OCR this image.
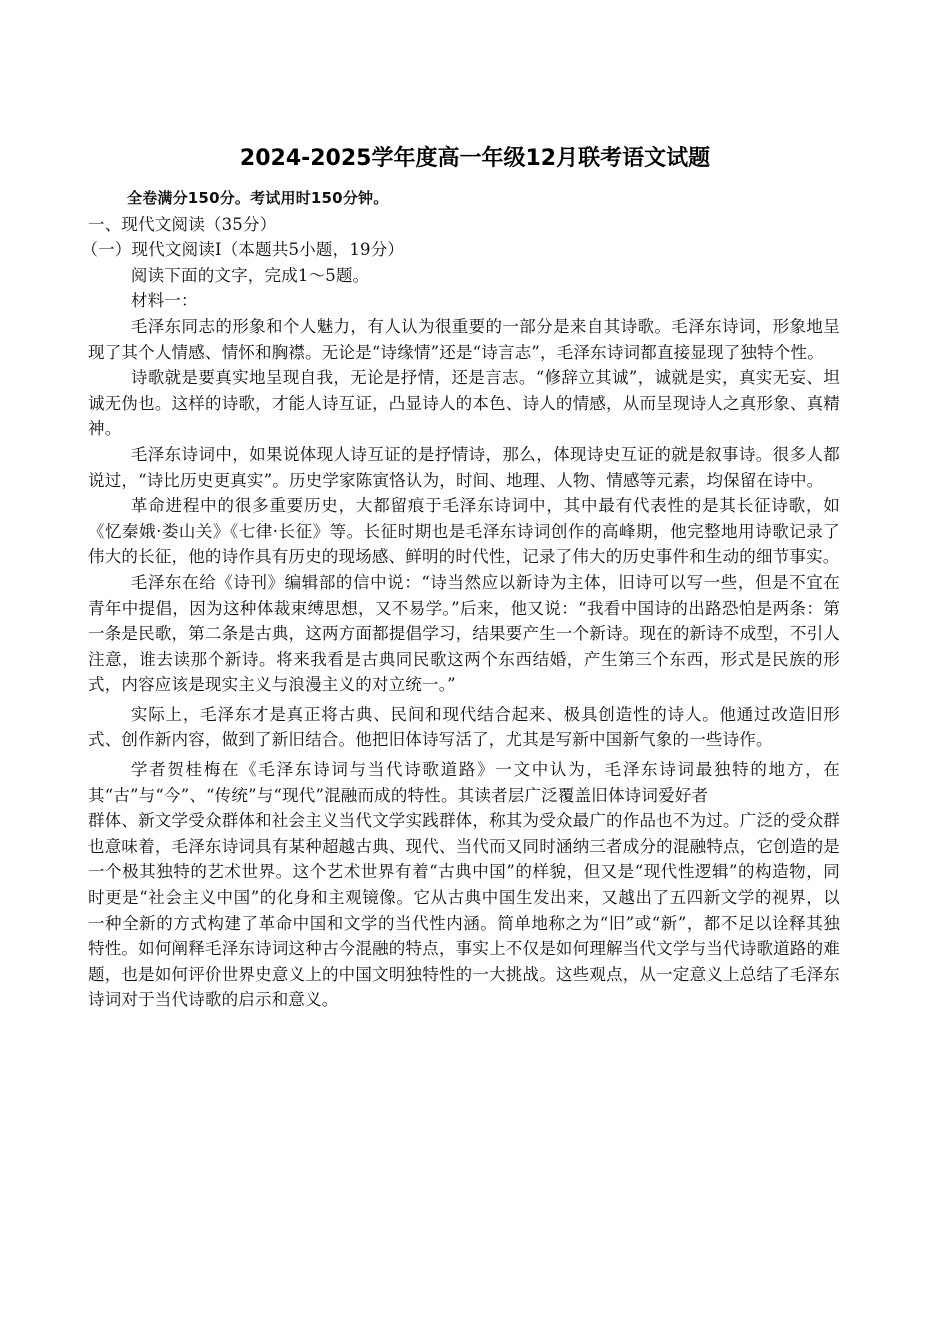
2024-2025学年度高一年级12月联考语文试题

全卷满分150分。考试用时150分钟。

一、现代文阅读（35分）

（一）现代文阅读I（本题共5小题，19分）

阅读下面的文字，完成1～5题。

材料一：

毛泽东同志的形象和个人魅力，有人认为很重要的一部分是来自其诗歌。毛泽东诗词，形象地呈现了其个人情感、情怀和胸襟。无论是“诗缘情”还是“诗言志”，毛泽东诗词都直接显现了独特个性。

诗歌就是要真实地呈现自我，无论是抒情，还是言志。“修辞立其诚”，诚就是实，真实无妄、坦诚无伪也。这样的诗歌，才能人诗互证，凸显诗人的本色、诗人的情感，从而呈现诗人之真形象、真精神。

毛泽东诗词中，如果说体现人诗互证的是抒情诗，那么，体现诗史互证的就是叙事诗。很多人都说过，“诗比历史更真实”。历史学家陈寅恪认为，时间、地理、人物、情感等元素，均保留在诗中。

革命进程中的很多重要历史，大都留痕于毛泽东诗词中，其中最有代表性的是其长征诗歌，如《忆秦娥·娄山关》《七律·长征》等。长征时期也是毛泽东诗词创作的高峰期，他完整地用诗歌记录了伟大的长征，他的诗作具有历史的现场感、鲜明的时代性，记录了伟大的历史事件和生动的细节事实。

毛泽东在给《诗刊》编辑部的信中说：“诗当然应以新诗为主体，旧诗可以写一些，但是不宜在青年中提倡，因为这种体裁束缚思想，又不易学。”后来，他又说：“我看中国诗的出路恐怕是两条：第一条是民歌，第二条是古典，这两方面都提倡学习，结果要产生一个新诗。现在的新诗不成型，不引人注意，谁去读那个新诗。将来我看是古典同民歌这两个东西结婚，产生第三个东西，形式是民族的形式，内容应该是现实主义与浪漫主义的对立统一。”

实际上，毛泽东才是真正将古典、民间和现代结合起来、极具创造性的诗人。他通过改造旧形式、创作新内容，做到了新旧结合。他把旧体诗写活了，尤其是写新中国新气象的一些诗作。

学者贺桂梅在《毛泽东诗词与当代诗歌道路》一文中认为，毛泽东诗词最独特的地方，在其“古”与“今”、“传统”与“现代”混融而成的特性。其读者层广泛覆盖旧体诗词爱好者

群体、新文学受众群体和社会主义当代文学实践群体，称其为受众最广的作品也不为过。广泛的受众群也意味着，毛泽东诗词具有某种超越古典、现代、当代而又同时涵纳三者成分的混融特点，它创造的是一个极其独特的艺术世界。这个艺术世界有着“古典中国”的样貌，但又是“现代性逻辑”的构造物，同时更是“社会主义中国”的化身和主观镜像。它从古典中国生发出来，又越出了五四新文学的视界，以一种全新的方式构建了革命中国和文学的当代性内涵。简单地称之为“旧”或“新”，都不足以诠释其独特性。如何阐释毛泽东诗词这种古今混融的特点，事实上不仅是如何理解当代文学与当代诗歌道路的难题，也是如何评价世界史意义上的中国文明独特性的一大挑战。这些观点，从一定意义上总结了毛泽东诗词对于当代诗歌的启示和意义。
